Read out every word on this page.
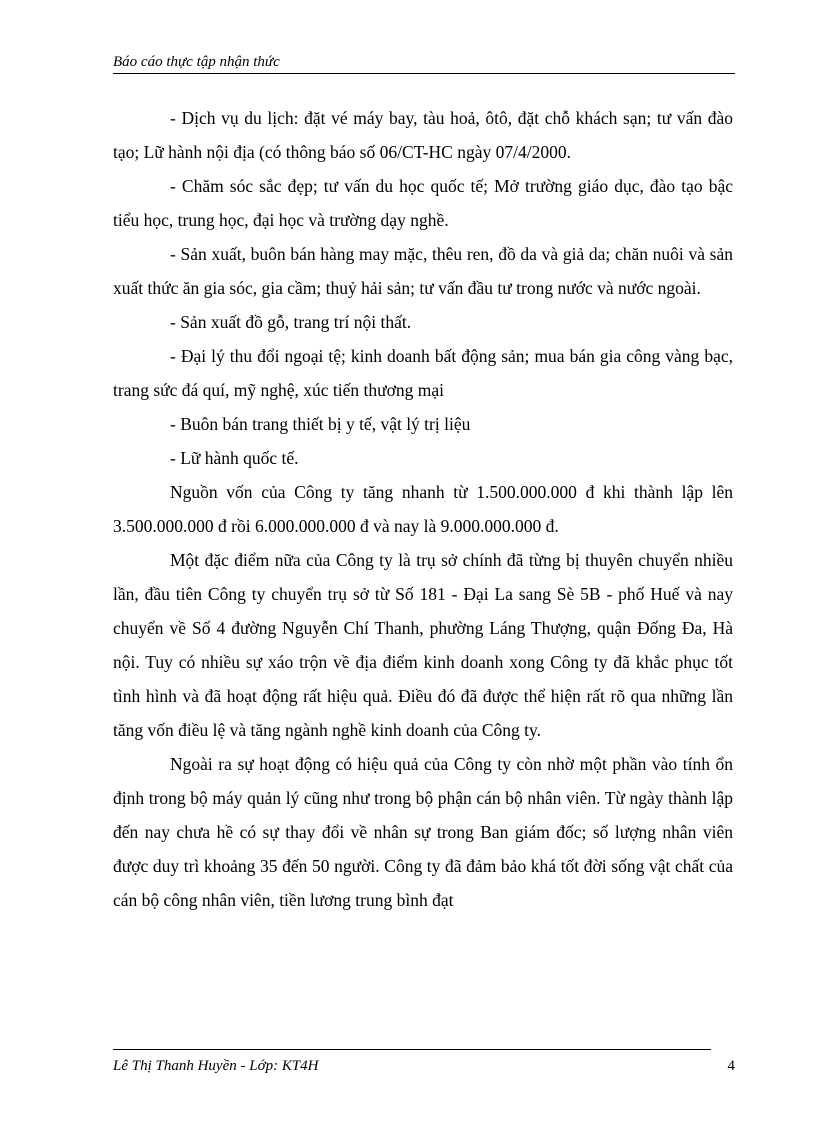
Báo cáo thực tập nhận thức

- Dịch vụ du lịch: đặt vé máy bay, tàu hoả, ôtô, đặt chỗ khách sạn; tư vấn đào tạo; Lữ hành nội địa (có thông báo số 06/CT-HC ngày 07/4/2000.

- Chăm sóc sắc đẹp; tư vấn du học quốc tế; Mở trường giáo dục, đào tạo bậc tiểu học, trung học, đại học và trường dạy nghề.

- Sản xuất, buôn bán hàng may mặc, thêu ren, đồ da và giả da; chăn nuôi và sản xuất thức ăn gia sóc, gia cầm; thuỷ hải sản; tư vấn đầu tư trong nước và nước ngoài.

- Sản xuất đồ gỗ, trang trí nội thất.

- Đại lý thu đổi ngoại tệ; kinh doanh bất động sản; mua bán gia công vàng bạc, trang sức đá quí, mỹ nghệ, xúc tiến thương mại

- Buôn bán trang thiết bị y tế, vật lý trị liệu

- Lữ hành quốc tế.

Nguồn vốn của Công ty tăng nhanh từ 1.500.000.000 đ khi thành lập lên 3.500.000.000 đ rồi 6.000.000.000 đ và nay là 9.000.000.000 đ.

Một đặc điểm nữa của Công ty là trụ sở chính đã từng bị thuyên chuyển nhiều lần, đầu tiên Công ty chuyển trụ sở từ Số 181 - Đại La sang Sè 5B - phố Huế và nay chuyển về Số 4 đường Nguyễn Chí Thanh, phường Láng Thượng, quận Đống Đa, Hà nội. Tuy có nhiều sự xáo trộn về địa điểm kinh doanh xong Công ty đã khắc phục tốt tình hình và đã hoạt động rất hiệu quả. Điều đó đã được thể hiện rất rõ qua những lần tăng vốn điều lệ và tăng ngành nghề kinh doanh của Công ty.

Ngoài ra sự hoạt động có hiệu quả của Công ty còn nhờ một phần vào tính ổn định trong bộ máy quản lý cũng như trong bộ phận cán bộ nhân viên. Từ ngày thành lập đến nay chưa hề có sự thay đổi về nhân sự trong Ban giám đốc; số lượng nhân viên được duy trì khoảng 35 đến 50 người. Công ty đã đảm bảo khá tốt đời sống vật chất của cán bộ công nhân viên, tiền lương trung bình đạt

Lê Thị Thanh Huyền - Lớp: KT4H	4
